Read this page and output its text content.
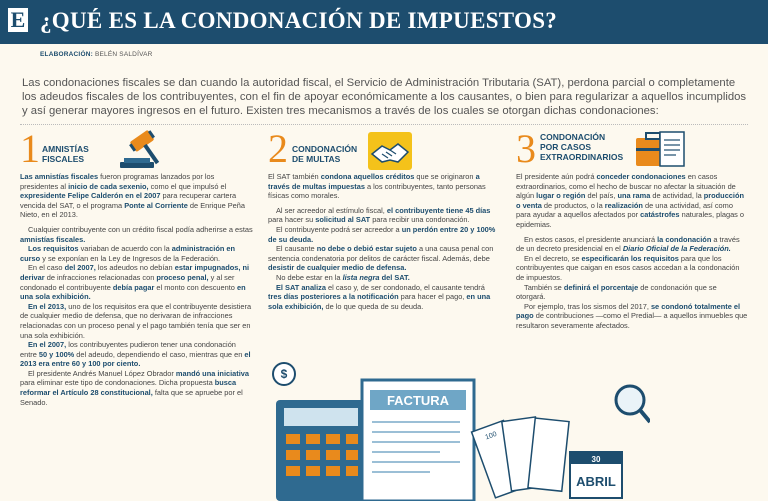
E ¿QUÉ ES LA CONDONACIÓN DE IMPUESTOS?
ELABORACIÓN: BELÉN SALDÍVAR
Las condonaciones fiscales se dan cuando la autoridad fiscal, el Servicio de Administración Tributaria (SAT), perdona parcial o completamente los adeudos fiscales de los contribuyentes, con el fin de apoyar económicamente a los causantes, o bien para regularizar a aquellos incumplidos y así generar mayores ingresos en el futuro. Existen tres mecanismos a través de los cuales se otorgan dichas condonaciones:
1 AMNISTÍAS
FISCALES

Las amnistías fiscales fueron programas lanzados por los presidentes al inicio de cada sexenio, como el que impulsó el expresidente Felipe Calderón en el 2007 para recuperar cartera vencida del SAT, o el programa Ponte al Corriente de Enrique Peña Nieto, en el 2013.

Cualquier contribuyente con un crédito fiscal podía adherirse a estas amnistías fiscales.

Los requisitos variaban de acuerdo con la administración en curso y se exponían en la Ley de Ingresos de la Federación.

En el caso del 2007, los adeudos no debían estar impugnados, ni derivar de infracciones relacionadas con proceso penal, y al ser condonado el contribuyente debía pagar el monto con descuento en una sola exhibición.

En el 2013, uno de los requisitos era que el contribuyente desistiera de cualquier medio de defensa, que no derivaran de infracciones relacionadas con un proceso penal y el pago también tenía que ser en una sola exhibición.

En el 2007, los contribuyentes pudieron tener una condonación entre 50 y 100% del adeudo, dependiendo el caso, mientras que en el 2013 era entre 60 y 100 por ciento.

El presidente Andrés Manuel López Obrador mandó una iniciativa para eliminar este tipo de condonaciones. Dicha propuesta busca reformar el Artículo 28 constitucional, falta que se apruebe por el Senado.

2 CONDONACIÓN
DE MULTAS

El SAT también condona aquellos créditos que se originaron a través de multas impuestas a los contribuyentes, tanto personas físicas como morales.

Al ser acreedor al estímulo fiscal, el contribuyente tiene 45 días para hacer su solicitud al SAT para recibir una condonación.

El contribuyente podrá ser acreedor a un perdón entre 20 y 100% de su deuda.

El causante no debe o debió estar sujeto a una causa penal con sentencia condenatoria por delitos de carácter fiscal. Además, debe desistir de cualquier medio de defensa.

No debe estar en la lista negra del SAT.

El SAT analiza el caso y, de ser condonado, el causante tendrá tres días posteriores a la notificación para hacer el pago, en una sola exhibición, de lo que queda de su deuda.

3 CONDONACIÓN
POR CASOS
EXTRAORDINARIOS

El presidente aún podrá conceder condonaciones en casos extraordinarios, como el hecho de buscar no afectar la situación de algún lugar o región del país, una rama de actividad, la producción o venta de productos, o la realización de una actividad, así como para ayudar a aquellos afectados por catástrofes naturales, plagas o epidemias.

En estos casos, el presidente anunciará la condonación a través de un decreto presidencial en el Diario Oficial de la Federación.

En el decreto, se especificarán los requisitos para que los contribuyentes que caigan en esos casos accedan a la condonación de impuestos.

También se definirá el porcentaje de condonación que se otorgará.

Por ejemplo, tras los sismos del 2017, se condonó totalmente el pago de contribuciones —como el Predial— a aquellos inmuebles que resultaron severamente afectados.

$
FACTURA
100
30
ABRIL
